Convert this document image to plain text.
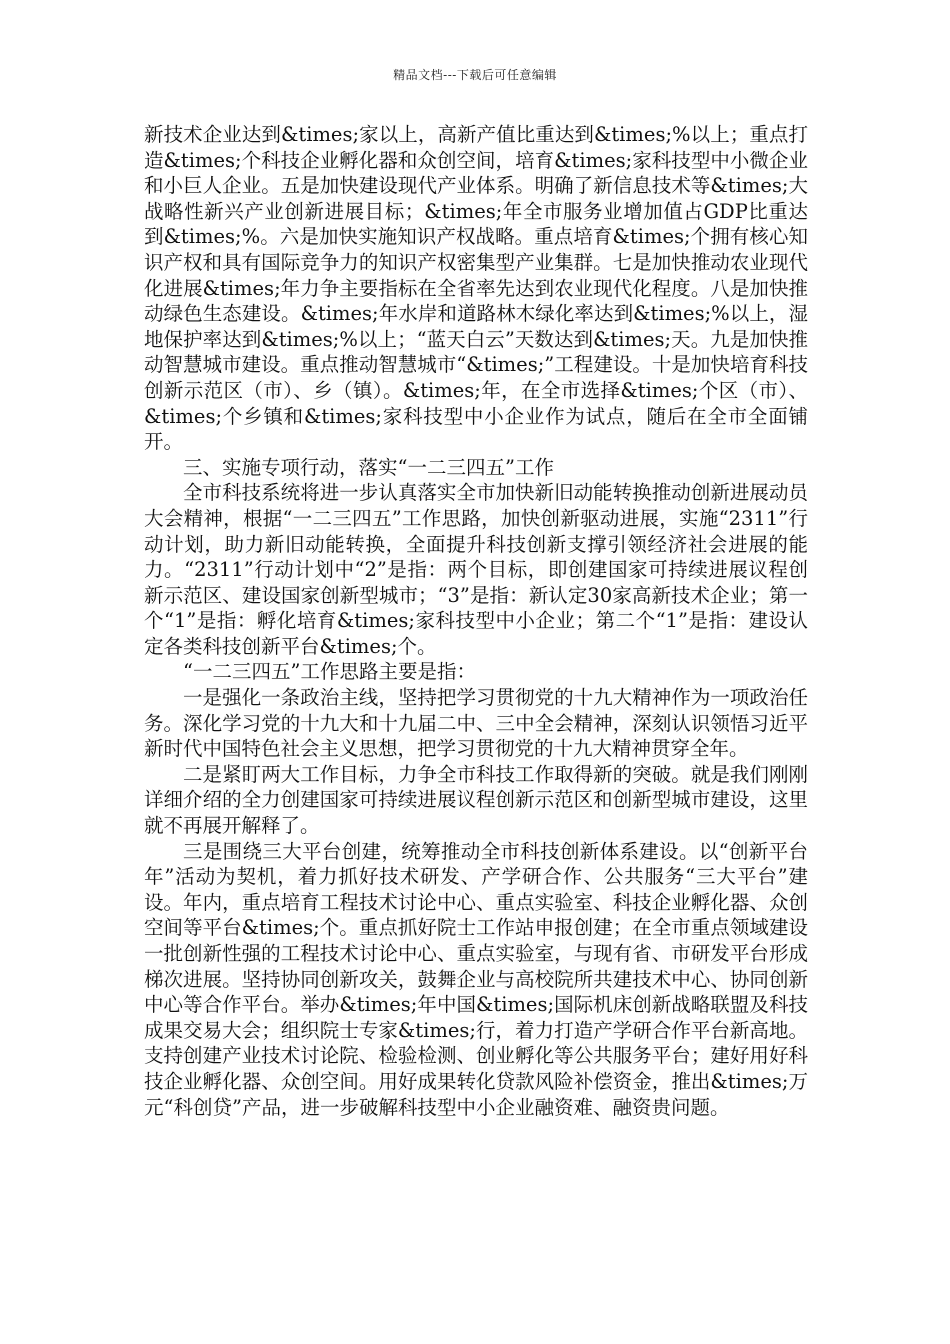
精品文档---下载后可任意编辑

新技术企业达到&times;家以上，高新产值比重达到&times;%以上；重点打造&times;个科技企业孵化器和众创空间，培育&times;家科技型中小微企业和小巨人企业。五是加快建设现代产业体系。明确了新信息技术等&times;大战略性新兴产业创新进展目标；&times;年全市服务业增加值占GDP比重达到&times;%。六是加快实施知识产权战略。重点培育&times;个拥有核心知识产权和具有国际竞争力的知识产权密集型产业集群。七是加快推动农业现代化进展&times;年力争主要指标在全省率先达到农业现代化程度。八是加快推动绿色生态建设。&times;年水岸和道路林木绿化率达到&times;%以上，湿地保护率达到&times;%以上；“蓝天白云”天数达到&times;天。九是加快推动智慧城市建设。重点推动智慧城市“&times;”工程建设。十是加快培育科技创新示范区（市）、乡（镇）。&times;年，在全市选择&times;个区（市）、&times;个乡镇和&times;家科技型中小企业作为试点，随后在全市全面铺开。

三、实施专项行动，落实“一二三四五”工作

全市科技系统将进一步认真落实全市加快新旧动能转换推动创新进展动员大会精神，根据“一二三四五”工作思路，加快创新驱动进展，实施“2311”行动计划，助力新旧动能转换，全面提升科技创新支撑引领经济社会进展的能力。“2311”行动计划中“2”是指：两个目标，即创建国家可持续进展议程创新示范区、建设国家创新型城市；“3”是指：新认定30家高新技术企业；第一个“1”是指：孵化培育&times;家科技型中小企业；第二个“1”是指：建设认定各类科技创新平台&times;个。

“一二三四五”工作思路主要是指：

一是强化一条政治主线，坚持把学习贯彻党的十九大精神作为一项政治任务。深化学习党的十九大和十九届二中、三中全会精神，深刻认识领悟习近平新时代中国特色社会主义思想，把学习贯彻党的十九大精神贯穿全年。

二是紧盯两大工作目标，力争全市科技工作取得新的突破。就是我们刚刚详细介绍的全力创建国家可持续进展议程创新示范区和创新型城市建设，这里就不再展开解释了。

三是围绕三大平台创建，统筹推动全市科技创新体系建设。以“创新平台年”活动为契机，着力抓好技术研发、产学研合作、公共服务“三大平台”建设。年内，重点培育工程技术讨论中心、重点实验室、科技企业孵化器、众创空间等平台&times;个。重点抓好院士工作站申报创建；在全市重点领域建设一批创新性强的工程技术讨论中心、重点实验室，与现有省、市研发平台形成梯次进展。坚持协同创新攻关，鼓舞企业与高校院所共建技术中心、协同创新中心等合作平台。举办&times;年中国&times;国际机床创新战略联盟及科技成果交易大会；组织院士专家&times;行，着力打造产学研合作平台新高地。支持创建产业技术讨论院、检验检测、创业孵化等公共服务平台；建好用好科技企业孵化器、众创空间。用好成果转化贷款风险补偿资金，推出&times;万元“科创贷”产品，进一步破解科技型中小企业融资难、融资贵问题。
